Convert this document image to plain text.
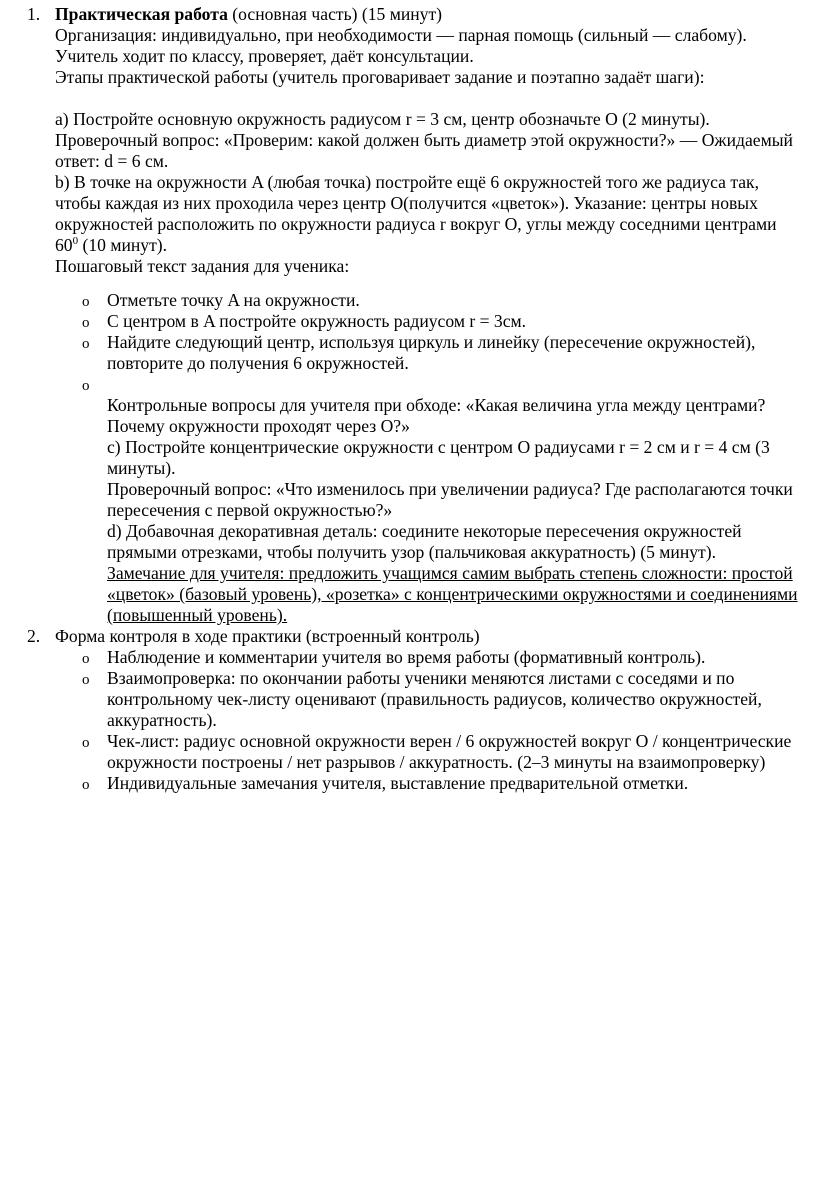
1. Практическая работа (основная часть) (15 минут)
Организация: индивидуально, при необходимости — парная помощь (сильный — слабому).
Учитель ходит по классу, проверяет, даёт консультации.
Этапы практической работы (учитель проговаривает задание и поэтапно задаёт шаги):
а) Постройте основную окружность радиусом r = 3 см, центр обозначьте О (2 минуты).
Проверочный вопрос: «Проверим: какой должен быть диаметр этой окружности?» — Ожидаемый
ответ: d = 6 см.
b) В точке на окружности A (любая точка) постройте ещё 6 окружностей того же радиуса так,
чтобы каждая из них проходила через центр O(получится «цветок»). Указание: центры новых
окружностей расположить по окружности радиуса r вокруг O, углы между соседними центрами
$60^0$ (10 минут).
Пошаговый текст задания для ученика:
o Отметьте точку A на окружности.
o С центром в A постройте окружность радиусом r = 3см.
o Найдите следующий центр, используя циркуль и линейку (пересечение окружностей),
повторите до получения 6 окружностей.
o
Контрольные вопросы для учителя при обходе: «Какая величина угла между центрами?
Почему окружности проходят через O?»
c) Постройте концентрические окружности с центром O радиусами r = 2 см и r = 4 см (3
минуты).
Проверочный вопрос: «Что изменилось при увеличении радиуса? Где располагаются точки
пересечения с первой окружностью?»
d) Добавочная декоративная деталь: соедините некоторые пересечения окружностей
прямыми отрезками, чтобы получить узор (пальчиковая аккуратность) (5 минут).
Замечание для учителя: предложить учащимся самим выбрать степень сложности: простой
«цветок» (базовый уровень), «розетка» с концентрическими окружностями и соединениями
(повышенный уровень).
2. Форма контроля в ходе практики (встроенный контроль)
o Наблюдение и комментарии учителя во время работы (формативный контроль).
o Взаимопроверка: по окончании работы ученики меняются листами с соседями и по
контрольному чек-листу оценивают (правильность радиусов, количество окружностей,
аккуратность).
o Чек-лист: радиус основной окружности верен / 6 окружностей вокруг O / концентрические
окружности построены / нет разрывов / аккуратность. (2–3 минуты на взаимопроверку)
o Индивидуальные замечания учителя, выставление предварительной отметки.
